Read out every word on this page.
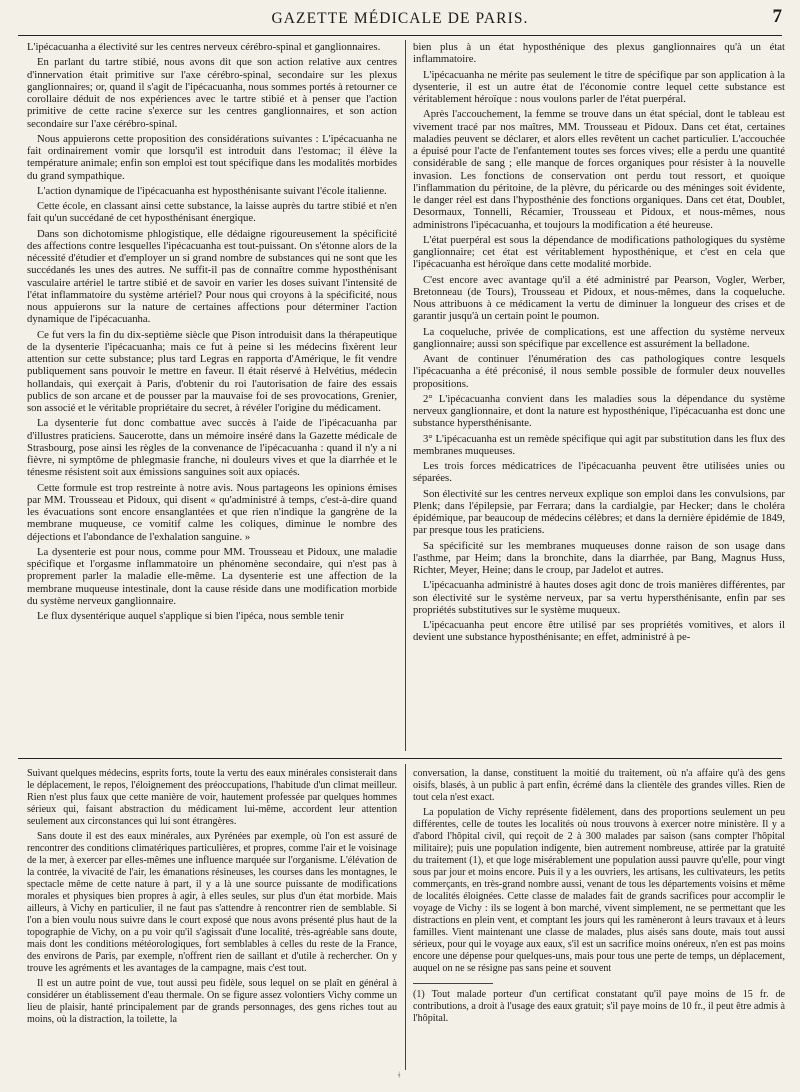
GAZETTE MÉDICALE DE PARIS.	7

L'ipécacuanha a électivité sur les centres nerveux cérébro-spinal et ganglionnaires.

En parlant du tartre stibié, nous avons dit que son action relative aux centres d'innervation était primitive sur l'axe cérébro-spinal, secondaire sur les plexus ganglionnaires; or, quand il s'agit de l'ipécacuanha, nous sommes portés à retourner ce corollaire déduit de nos expériences avec le tartre stibié et à penser que l'action primitive de cette racine s'exerce sur les centres ganglionnaires, et son action secondaire sur l'axe cérébro-spinal.

Nous appuierons cette proposition des considérations suivantes : L'ipécacuanha ne fait ordinairement vomir que lorsqu'il est introduit dans l'estomac; il élève la température animale; enfin son emploi est tout spécifique dans les modalités morbides du grand sympathique.

L'action dynamique de l'ipécacuanha est hyposthénisante suivant l'école italienne.

Cette école, en classant ainsi cette substance, la laisse auprès du tartre stibié et n'en fait qu'un succédané de cet hyposthénisant énergique.

Dans son dichotomisme phlogistique, elle dédaigne rigoureusement la spécificité des affections contre lesquelles l'ipécacuanha est tout-puissant. On s'étonne alors de la nécessité d'étudier et d'employer un si grand nombre de substances qui ne sont que les succédanés les unes des autres. Ne suffit-il pas de connaître comme hyposthénisant vasculaire artériel le tartre stibié et de savoir en varier les doses suivant l'intensité de l'état inflammatoire du système artériel? Pour nous qui croyons à la spécificité, nous nous appuierons sur la nature de certaines affections pour déterminer l'action dynamique de l'ipécacuanha.

Ce fut vers la fin du dix-septième siècle que Pison introduisit dans la thérapeutique de la dysenterie l'ipécacuanha; mais ce fut à peine si les médecins fixèrent leur attention sur cette substance; plus tard Legras en rapporta d'Amérique, le fit vendre publiquement sans pouvoir le mettre en faveur. Il était réservé à Helvétius, médecin hollandais, qui exerçait à Paris, d'obtenir du roi l'autorisation de faire des essais publics de son arcane et de pousser par la mauvaise foi de ses provocations, Grenier, son associé et le véritable propriétaire du secret, à révéler l'origine du médicament.

La dysenterie fut donc combattue avec succès à l'aide de l'ipécacuanha par d'illustres praticiens. Saucerotte, dans un mémoire inséré dans la Gazette médicale de Strasbourg, pose ainsi les règles de la convenance de l'ipécacuanha : quand il n'y a ni fièvre, ni symptôme de phlegmasie franche, ni douleurs vives et que la diarrhée et le ténesme résistent soit aux émissions sanguines soit aux opiacés.

Cette formule est trop restreinte à notre avis. Nous partageons les opinions émises par MM. Trousseau et Pidoux, qui disent « qu'administré à temps, c'est-à-dire quand les évacuations sont encore ensanglantées et que rien n'indique la gangrène de la membrane muqueuse, ce vomitif calme les coliques, diminue le nombre des déjections et l'abondance de l'exhalation sanguine. »

La dysenterie est pour nous, comme pour MM. Trousseau et Pidoux, une maladie spécifique et l'orgasme inflammatoire un phénomène secondaire, qui n'est pas à proprement parler la maladie elle-même. La dysenterie est une affection de la membrane muqueuse intestinale, dont la cause réside dans une modification morbide du système nerveux ganglionnaire.

Le flux dysentérique auquel s'applique si bien l'ipéca, nous semble tenir

bien plus à un état hyposthénique des plexus ganglionnaires qu'à un état inflammatoire.

L'ipécacuanha ne mérite pas seulement le titre de spécifique par son application à la dysenterie, il est un autre état de l'économie contre lequel cette substance est véritablement héroïque : nous voulons parler de l'état puerpéral.

Après l'accouchement, la femme se trouve dans un état spécial, dont le tableau est vivement tracé par nos maîtres, MM. Trousseau et Pidoux. Dans cet état, certaines maladies peuvent se déclarer, et alors elles revêtent un cachet particulier. L'accouchée a épuisé pour l'acte de l'enfantement toutes ses forces vives; elle a perdu une quantité considérable de sang ; elle manque de forces organiques pour résister à la nouvelle invasion. Les fonctions de conservation ont perdu tout ressort, et quoique l'inflammation du péritoine, de la plèvre, du péricarde ou des méninges soit évidente, le danger réel est dans l'hyposthénie des fonctions organiques. Dans cet état, Doublet, Desormaux, Tonnelli, Récamier, Trousseau et Pidoux, et nous-mêmes, nous administrons l'ipécacuanha, et toujours la modification a été heureuse.

L'état puerpéral est sous la dépendance de modifications pathologiques du système ganglionnaire; cet état est véritablement hyposthénique, et c'est en cela que l'ipécacuanha est héroïque dans cette modalité morbide.

C'est encore avec avantage qu'il a été administré par Pearson, Vogler, Werber, Bretonneau (de Tours), Trousseau et Pidoux, et nous-mêmes, dans la coqueluche. Nous attribuons à ce médicament la vertu de diminuer la longueur des crises et de garantir jusqu'à un certain point le poumon.

La coqueluche, privée de complications, est une affection du système nerveux ganglionnaire; aussi son spécifique par excellence est assurément la belladone.

Avant de continuer l'énumération des cas pathologiques contre lesquels l'ipécacuanha a été préconisé, il nous semble possible de formuler deux nouvelles propositions.

2° L'ipécacuanha convient dans les maladies sous la dépendance du système nerveux ganglionnaire, et dont la nature est hyposthénique, l'ipécacuanha est donc une substance hypersthénisante.

3° L'ipécacuanha est un remède spécifique qui agit par substitution dans les flux des membranes muqueuses.

Les trois forces médicatrices de l'ipécacuanha peuvent être utilisées unies ou séparées.

Son électivité sur les centres nerveux explique son emploi dans les convulsions, par Plenk; dans l'épilepsie, par Ferrara; dans la cardialgie, par Hecker; dans le choléra épidémique, par beaucoup de médecins célèbres; et dans la dernière épidémie de 1849, par presque tous les praticiens.

Sa spécificité sur les membranes muqueuses donne raison de son usage dans l'asthme, par Heim; dans la bronchite, dans la diarrhée, par Bang, Magnus Huss, Richter, Meyer, Heine; dans le croup, par Jadelot et autres.

L'ipécacuanha administré à hautes doses agit donc de trois manières différentes, par son électivité sur le système nerveux, par sa vertu hypersthénisante, enfin par ses propriétés substitutives sur le système muqueux.

L'ipécacuanha peut encore être utilisé par ses propriétés vomitives, et alors il devient une substance hyposthénisante; en effet, administré à pe-

Suivant quelques médecins, esprits forts, toute la vertu des eaux minérales consisterait dans le déplacement, le repos, l'éloignement des préoccupations, l'habitude d'un climat meilleur. Rien n'est plus faux que cette manière de voir, hautement professée par quelques hommes sérieux qui, faisant abstraction du médicament lui-même, accordent leur attention seulement aux circonstances qui lui sont étrangères.

Sans doute il est des eaux minérales, aux Pyrénées par exemple, où l'on est assuré de rencontrer des conditions climatériques particulières, et propres, comme l'air et le voisinage de la mer, à exercer par elles-mêmes une influence marquée sur l'organisme. L'élévation de la contrée, la vivacité de l'air, les émanations résineuses, les courses dans les montagnes, le spectacle même de cette nature à part, il y a là une source puissante de modifications morales et physiques bien propres à agir, à elles seules, sur plus d'un état morbide. Mais ailleurs, à Vichy en particulier, il ne faut pas s'attendre à rencontrer rien de semblable. Si l'on a bien voulu nous suivre dans le court exposé que nous avons présenté plus haut de la topographie de Vichy, on a pu voir qu'il s'agissait d'une localité, très-agréable sans doute, mais dont les conditions météorologiques, fort semblables à celles du reste de la France, des environs de Paris, par exemple, n'offrent rien de saillant et d'utile à rechercher. On y trouve les agréments et les avantages de la campagne, mais c'est tout.

Il est un autre point de vue, tout aussi peu fidèle, sous lequel on se plaît en général à considérer un établissement d'eau thermale. On se figure assez volontiers Vichy comme un lieu de plaisir, hanté principalement par de grands personnages, des gens riches tout au moins, où la distraction, la toilette, la

conversation, la danse, constituent la moitié du traitement, où n'a affaire qu'à des gens oisifs, blasés, à un public à part enfin, écrémé dans la clientèle des grandes villes. Rien de tout cela n'est exact.

La population de Vichy représente fidèlement, dans des proportions seulement un peu différentes, celle de toutes les localités où nous trouvons à exercer notre ministère. Il y a d'abord l'hôpital civil, qui reçoit de 2 à 300 malades par saison (sans compter l'hôpital militaire); puis une population indigente, bien autrement nombreuse, attirée par la gratuité du traitement (1), et que loge misérablement une population aussi pauvre qu'elle, pour vingt sous par jour et moins encore. Puis il y a les ouvriers, les artisans, les cultivateurs, les petits commerçants, en très-grand nombre aussi, venant de tous les départements voisins et même de localités éloignées. Cette classe de malades fait de grands sacrifices pour accomplir le voyage de Vichy : ils se logent à bon marché, vivent simplement, ne se permettant que les distractions en plein vent, et comptant les jours qui les ramèneront à leurs travaux et à leurs familles. Vient maintenant une classe de malades, plus aisés sans doute, mais tout aussi sérieux, pour qui le voyage aux eaux, s'il est un sacrifice moins onéreux, n'en est pas moins encore une dépense pour quelques-uns, mais pour tous une perte de temps, un déplacement, auquel on ne se résigne pas sans peine et souvent

(1) Tout malade porteur d'un certificat constatant qu'il paye moins de 15 fr. de contributions, a droit à l'usage des eaux gratuit; s'il paye moins de 10 fr., il peut être admis à l'hôpital.

ǂ
